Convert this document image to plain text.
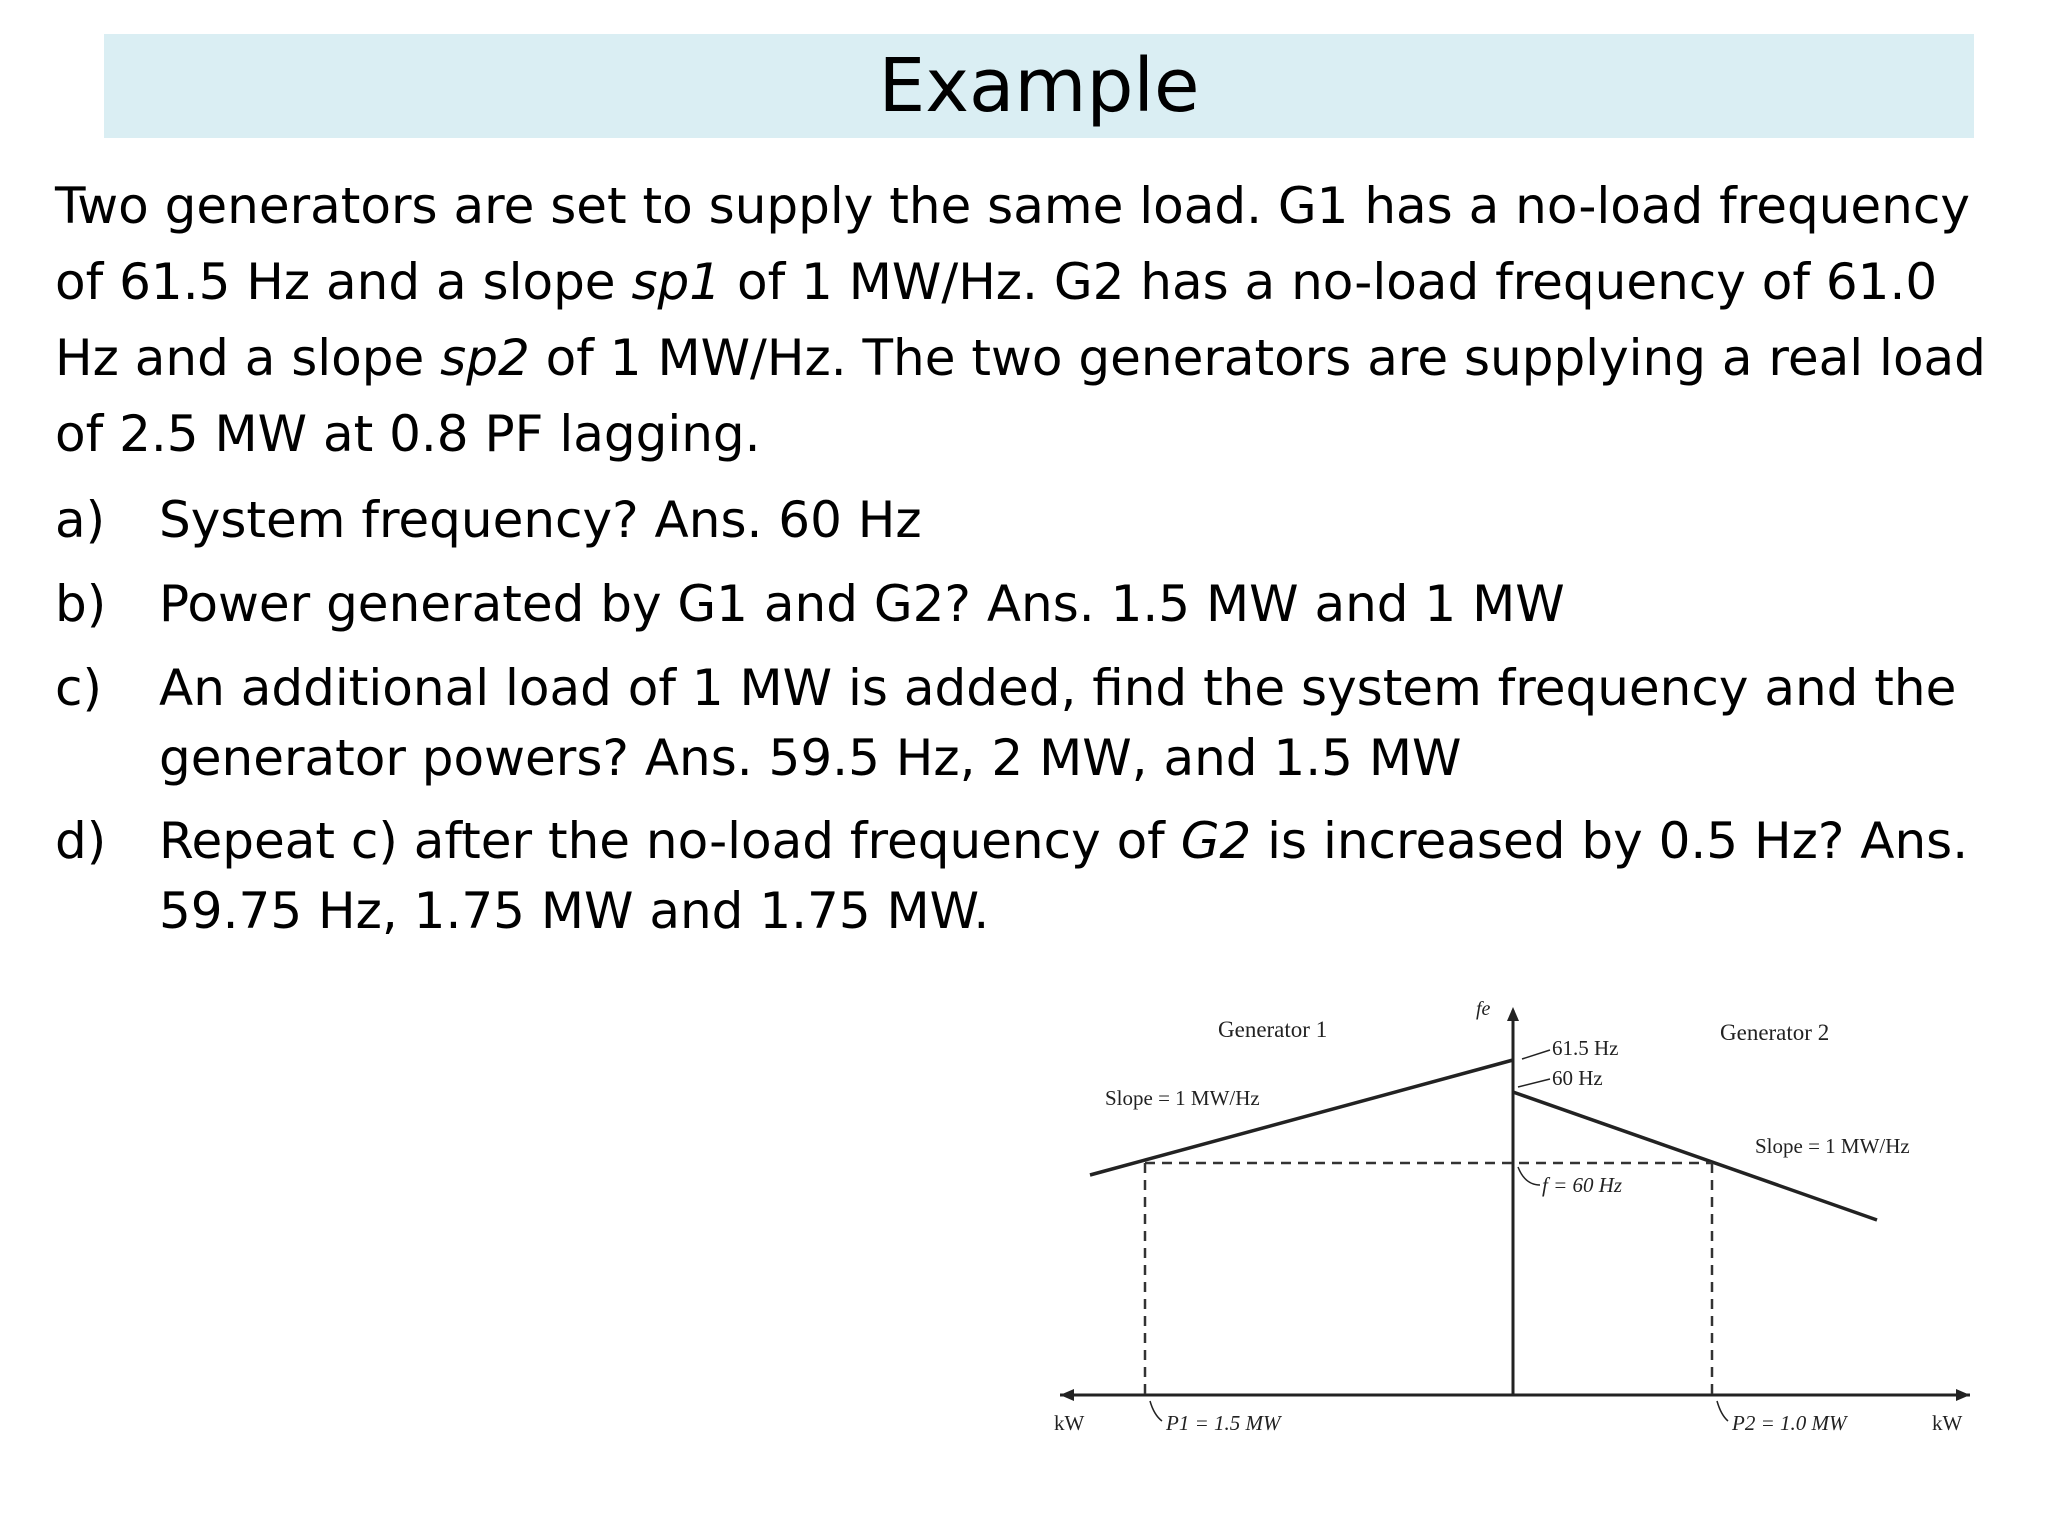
Example

Two generators are set to supply the same load. G1 has a no-load frequency of 61.5 Hz and a slope sp1 of 1 MW/Hz. G2 has a no-load frequency of 61.0 Hz and a slope sp2 of 1 MW/Hz. The two generators are supplying a real load of 2.5 MW at 0.8 PF lagging.

a)	System frequency? Ans. 60 Hz
b)	Power generated by G1 and G2? Ans. 1.5 MW and 1 MW
c)	An additional load of 1 MW is added, find the system frequency and the generator powers? Ans. 59.5 Hz, 2 MW, and 1.5 MW
d)	Repeat c) after the no-load frequency of G2 is increased by 0.5 Hz? Ans. 59.75 Hz, 1.75 MW and 1.75 MW.
Generator 1	Generator 2
fe
61.5 Hz
60 Hz
Slope = 1 MW/Hz
Slope = 1 MW/Hz
f = 60 Hz
kW	kW
P1 = 1.5 MW	P2 = 1.0 MW
